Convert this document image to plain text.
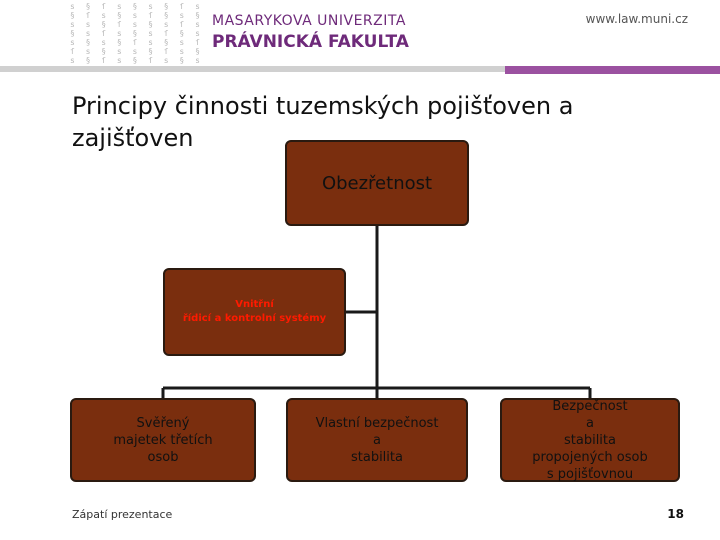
s § ſ s § s § ſ s
§ ſ s § s ſ § s §
s s § ſ s § s ſ s
§ s ſ s § s ſ § s
s § s § ſ s § s ſ
ſ s § s s § ſ s §
s § ſ s § ſ s § s
MASARYKOVA UNIVERZITA
PRÁVNICKÁ FAKULTA
www.law.muni.cz
Principy činnosti tuzemských pojišťoven a zajišťoven
Obezřetnost
Vnitřní
řídicí a kontrolní systémy
Svěřený
majetek třetích
osob
Vlastní bezpečnost
a
stabilita
Bezpečnost
a
stabilita
propojených osob
s pojišťovnou
Zápatí prezentace	18
